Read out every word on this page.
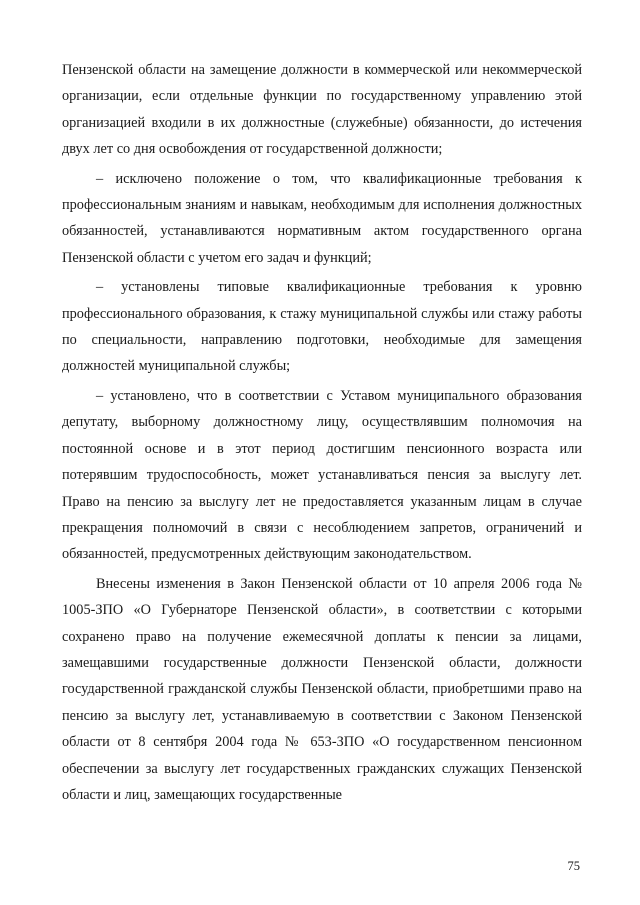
Пензенской области на замещение должности в коммерческой или некоммерческой организации, если отдельные функции по государственному управлению этой организацией входили в их должностные (служебные) обязанности, до истечения двух лет со дня освобождения от государственной должности;

– исключено положение о том, что квалификационные требования к профессиональным знаниям и навыкам, необходимым для исполнения должностных обязанностей, устанавливаются нормативным актом государственного органа Пензенской области с учетом его задач и функций;

– установлены типовые квалификационные требования к уровню профессионального образования, к стажу муниципальной службы или стажу работы по специальности, направлению подготовки, необходимые для замещения должностей муниципальной службы;

– установлено, что в соответствии с Уставом муниципального образования депутату, выборному должностному лицу, осуществлявшим полномочия на постоянной основе и в этот период достигшим пенсионного возраста или потерявшим трудоспособность, может устанавливаться пенсия за выслугу лет. Право на пенсию за выслугу лет не предоставляется указанным лицам в случае прекращения полномочий в связи с несоблюдением запретов, ограничений и обязанностей, предусмотренных действующим законодательством.

Внесены изменения в Закон Пензенской области от 10 апреля 2006 года № 1005-ЗПО «О Губернаторе Пензенской области», в соответствии с которыми сохранено право на получение ежемесячной доплаты к пенсии за лицами, замещавшими государственные должности Пензенской области, должности государственной гражданской службы Пензенской области, приобретшими право на пенсию за выслугу лет, устанавливаемую в соответствии с Законом Пензенской области от 8 сентября 2004 года № 653-ЗПО «О государственном пенсионном обеспечении за выслугу лет государственных гражданских служащих Пензенской области и лиц, замещающих государственные

75
